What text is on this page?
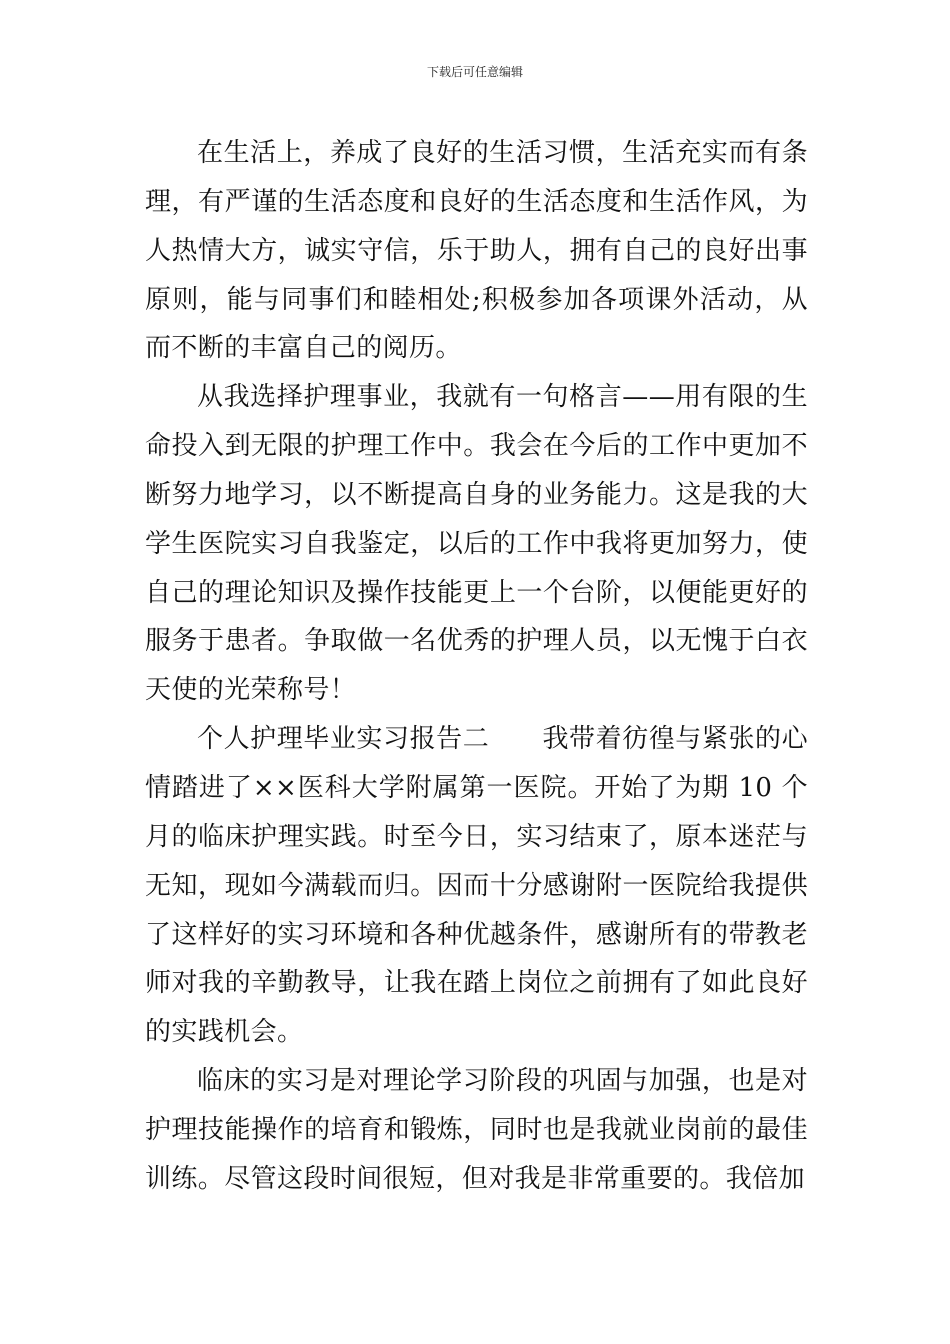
下载后可任意编辑

在生活上，养成了良好的生活习惯，生活充实而有条理，有严谨的生活态度和良好的生活态度和生活作风，为人热情大方，诚实守信，乐于助人，拥有自己的良好出事原则，能与同事们和睦相处;积极参加各项课外活动，从而不断的丰富自己的阅历。

从我选择护理事业，我就有一句格言——用有限的生命投入到无限的护理工作中。我会在今后的工作中更加不断努力地学习，以不断提高自身的业务能力。这是我的大学生医院实习自我鉴定，以后的工作中我将更加努力，使自己的理论知识及操作技能更上一个台阶，以便能更好的服务于患者。争取做一名优秀的护理人员，以无愧于白衣天使的光荣称号！

个人护理毕业实习报告二　　我带着彷徨与紧张的心情踏进了××医科大学附属第一医院。开始了为期 10 个月的临床护理实践。时至今日，实习结束了，原本迷茫与无知，现如今满载而归。因而十分感谢附一医院给我提供了这样好的实习环境和各种优越条件，感谢所有的带教老师对我的辛勤教导，让我在踏上岗位之前拥有了如此良好的实践机会。

临床的实习是对理论学习阶段的巩固与加强，也是对护理技能操作的培育和锻炼，同时也是我就业岗前的最佳训练。尽管这段时间很短，但对我是非常重要的。我倍加
